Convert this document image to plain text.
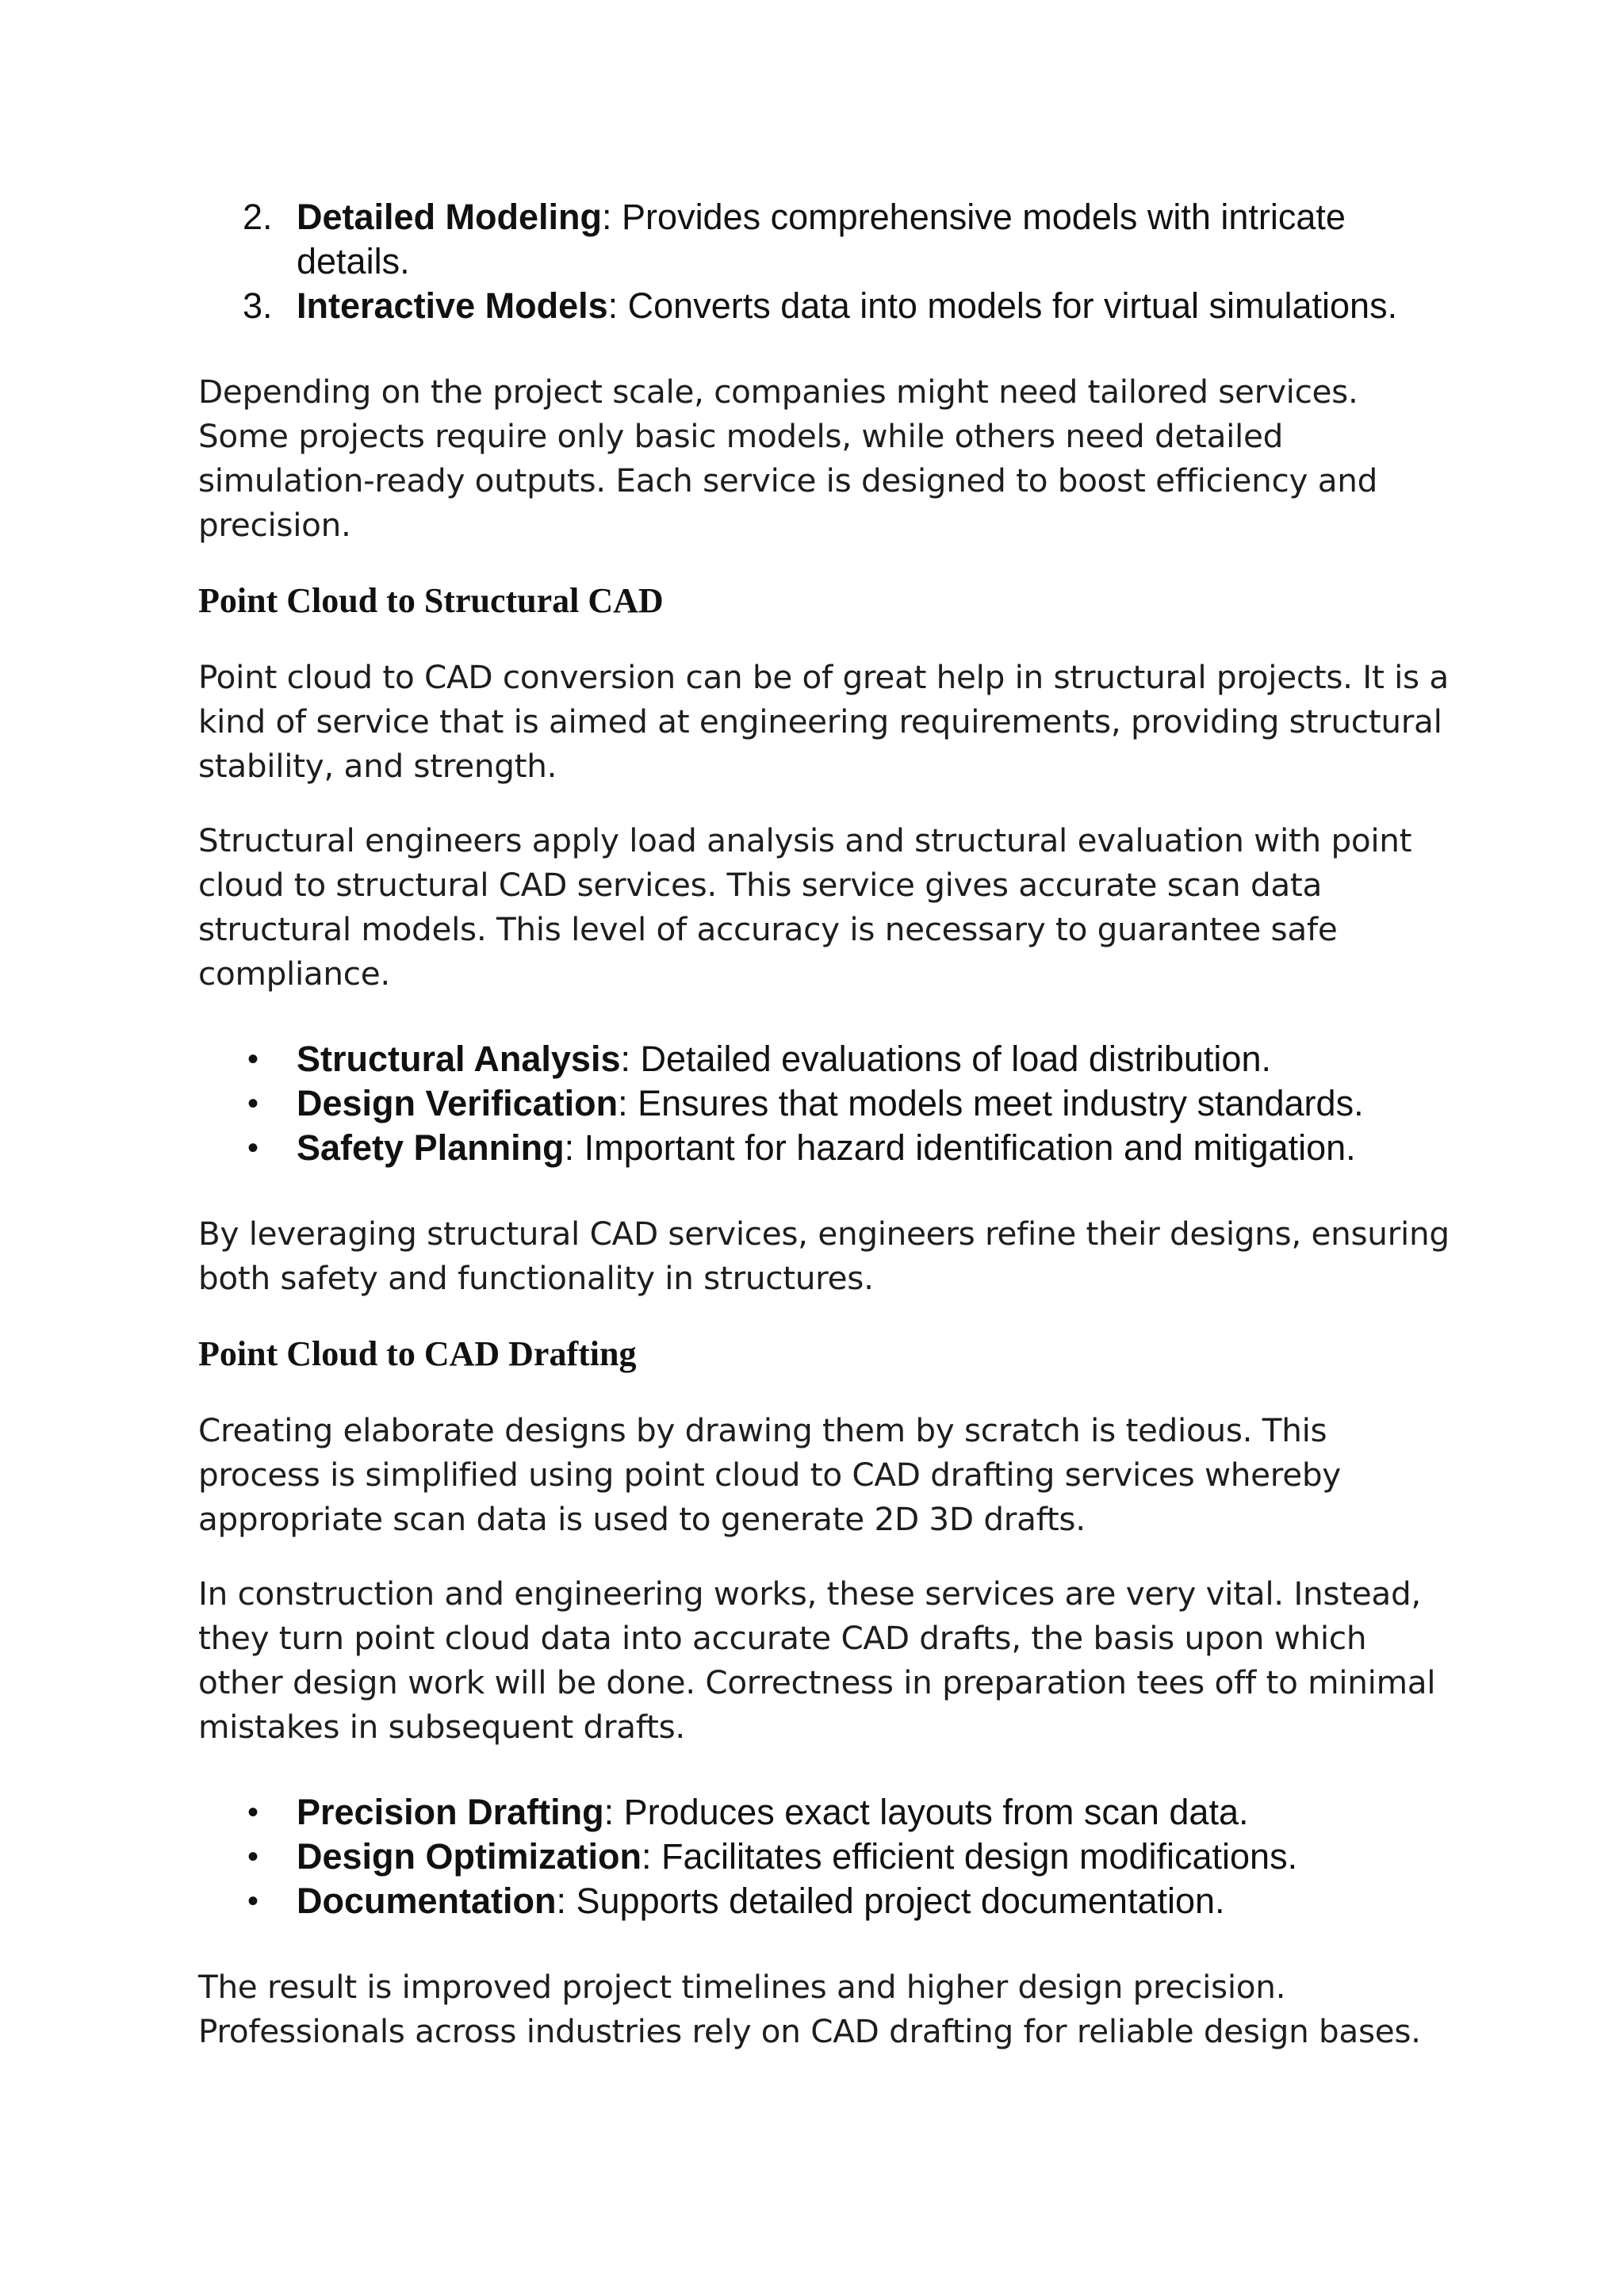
2. Detailed Modeling: Provides comprehensive models with intricate details.
3. Interactive Models: Converts data into models for virtual simulations.

Depending on the project scale, companies might need tailored services. Some projects require only basic models, while others need detailed simulation-ready outputs. Each service is designed to boost efficiency and precision.

Point Cloud to Structural CAD

Point cloud to CAD conversion can be of great help in structural projects. It is a kind of service that is aimed at engineering requirements, providing structural stability, and strength.

Structural engineers apply load analysis and structural evaluation with point cloud to structural CAD services. This service gives accurate scan data structural models. This level of accuracy is necessary to guarantee safe compliance.

•	Structural Analysis: Detailed evaluations of load distribution.
•	Design Verification: Ensures that models meet industry standards.
•	Safety Planning: Important for hazard identification and mitigation.

By leveraging structural CAD services, engineers refine their designs, ensuring both safety and functionality in structures.

Point Cloud to CAD Drafting

Creating elaborate designs by drawing them by scratch is tedious. This process is simplified using point cloud to CAD drafting services whereby appropriate scan data is used to generate 2D 3D drafts.

In construction and engineering works, these services are very vital. Instead, they turn point cloud data into accurate CAD drafts, the basis upon which other design work will be done. Correctness in preparation tees off to minimal mistakes in subsequent drafts.

•	Precision Drafting: Produces exact layouts from scan data.
•	Design Optimization: Facilitates efficient design modifications.
•	Documentation: Supports detailed project documentation.

The result is improved project timelines and higher design precision. Professionals across industries rely on CAD drafting for reliable design bases.
